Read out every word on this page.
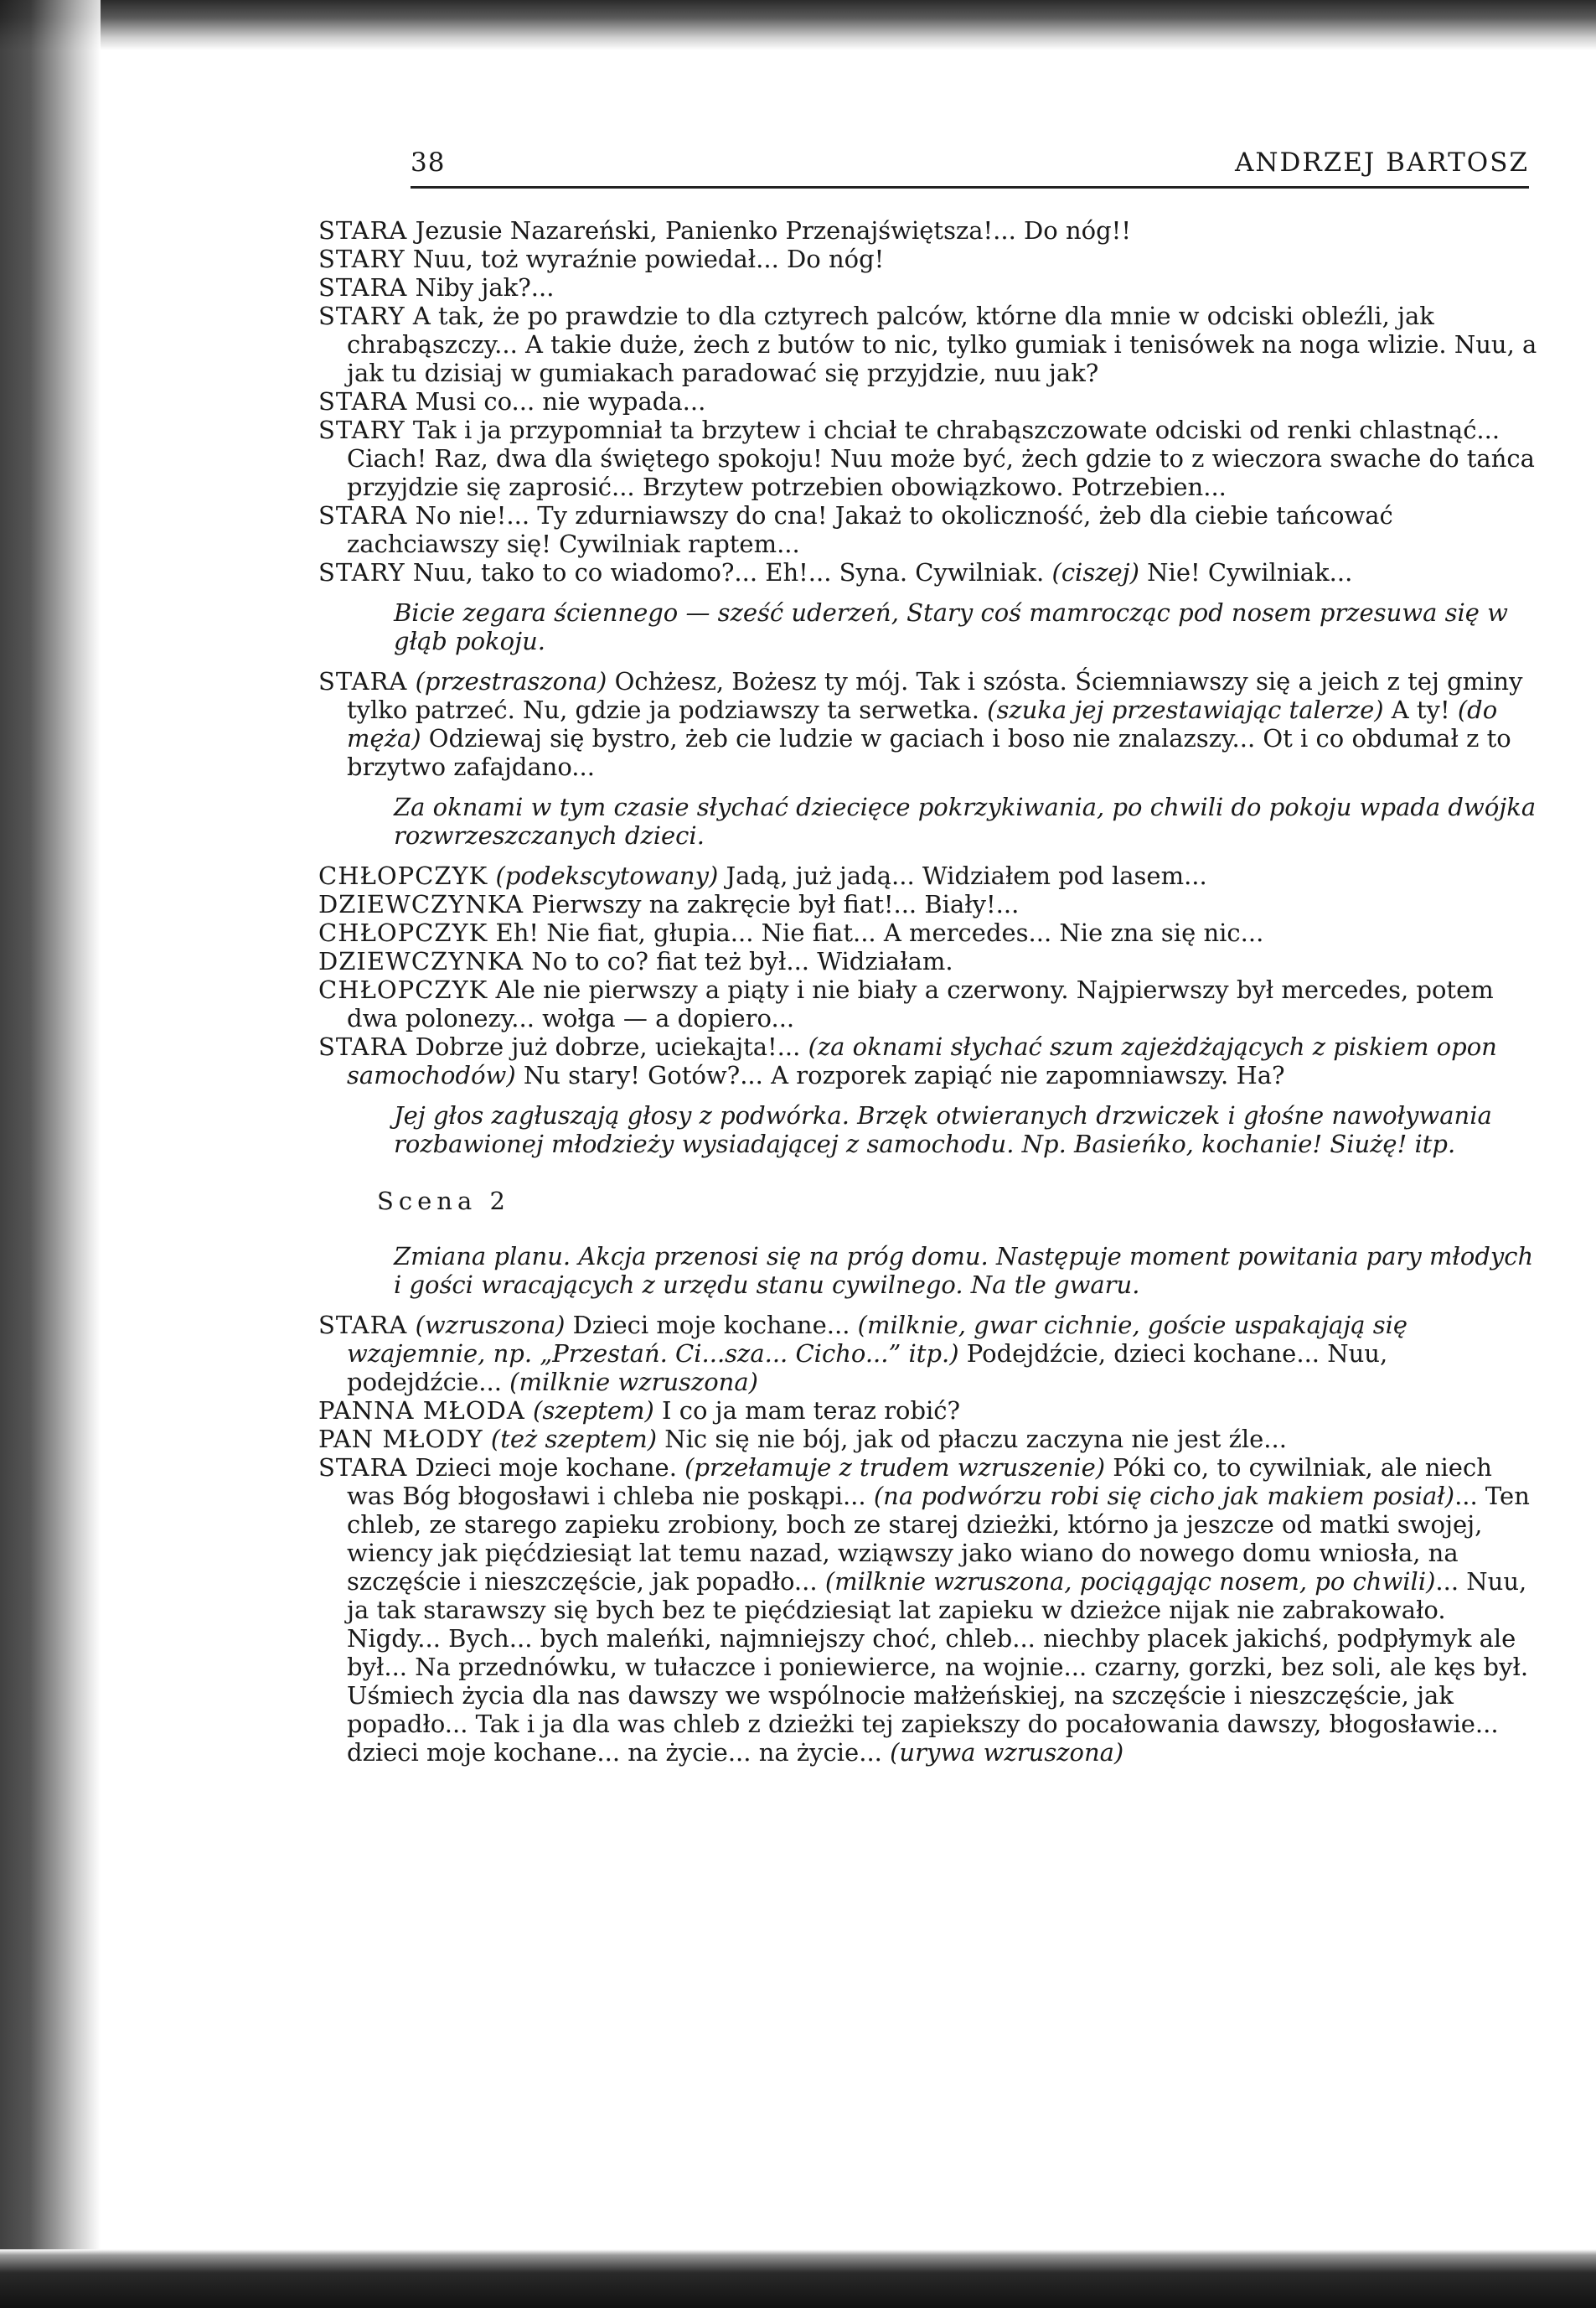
38	ANDRZEJ BARTOSZ

STARA Jezusie Nazareński, Panienko Przenajświętsza!... Do nóg!!

STARY Nuu, toż wyraźnie powiedał... Do nóg!

STARA Niby jak?...

STARY A tak, że po prawdzie to dla cztyrech palców, którne dla mnie w odciski obleźli, jak chrabąszczy... A takie duże, żech z butów to nic, tylko gumiak i tenisówek na noga wlizie. Nuu, a jak tu dzisiaj w gumiakach paradować się przyjdzie, nuu jak?

STARA Musi co... nie wypada...

STARY Tak i ja przypomniał ta brzytew i chciał te chrabąszczowate odciski od renki chlastnąć... Ciach! Raz, dwa dla świętego spokoju! Nuu może być, żech gdzie to z wieczora swache do tańca przyjdzie się zaprosić... Brzytew potrzebien obowiązkowo. Potrzebien...

STARA No nie!... Ty zdurniawszy do cna! Jakaż to okoliczność, żeb dla ciebie tańcować zachciawszy się! Cywilniak raptem...

STARY Nuu, tako to co wiadomo?... Eh!... Syna. Cywilniak. (ciszej) Nie! Cywilniak...

Bicie zegara ściennego — sześć uderzeń, Stary coś mamrocząc pod nosem przesuwa się w głąb pokoju.

STARA (przestraszona) Ochżesz, Bożesz ty mój. Tak i szósta. Ściemniawszy się a jeich z tej gminy tylko patrzeć. Nu, gdzie ja podziawszy ta serwetka. (szuka jej przestawiając talerze) A ty! (do męża) Odziewaj się bystro, żeb cie ludzie w gaciach i boso nie znalazszy... Ot i co obdumał z to brzytwo zafajdano...

Za oknami w tym czasie słychać dziecięce pokrzykiwania, po chwili do pokoju wpada dwójka rozwrzeszczanych dzieci.

CHŁOPCZYK (podekscytowany) Jadą, już jadą... Widziałem pod lasem...

DZIEWCZYNKA Pierwszy na zakręcie był fiat!... Biały!...

CHŁOPCZYK Eh! Nie fiat, głupia... Nie fiat... A mercedes... Nie zna się nic...

DZIEWCZYNKA No to co? fiat też był... Widziałam.

CHŁOPCZYK Ale nie pierwszy a piąty i nie biały a czerwony. Najpierwszy był mercedes, potem dwa polonezy... wołga — a dopiero...

STARA Dobrze już dobrze, uciekajta!... (za oknami słychać szum zajeżdżających z piskiem opon samochodów) Nu stary! Gotów?... A rozporek zapiąć nie zapomniawszy. Ha?

Jej głos zagłuszają głosy z podwórka. Brzęk otwieranych drzwiczek i głośne nawoływania rozbawionej młodzieży wysiadającej z samochodu. Np. Basieńko, kochanie! Siużę! itp.

Scena 2

Zmiana planu. Akcja przenosi się na próg domu. Następuje moment powitania pary młodych i gości wracających z urzędu stanu cywilnego. Na tle gwaru.

STARA (wzruszona) Dzieci moje kochane... (milknie, gwar cichnie, goście uspakajają się wzajemnie, np. „Przestań. Ci...sza... Cicho...” itp.) Podejdźcie, dzieci kochane... Nuu, podejdźcie... (milknie wzruszona)

PANNA MŁODA (szeptem) I co ja mam teraz robić?

PAN MŁODY (też szeptem) Nic się nie bój, jak od płaczu zaczyna nie jest źle...

STARA Dzieci moje kochane. (przełamuje z trudem wzruszenie) Póki co, to cywilniak, ale niech was Bóg błogosławi i chleba nie poskąpi... (na podwórzu robi się cicho jak makiem posiał)... Ten chleb, ze starego zapieku zrobiony, boch ze starej dzieżki, którno ja jeszcze od matki swojej, wiency jak pięćdziesiąt lat temu nazad, wziąwszy jako wiano do nowego domu wniosła, na szczęście i nieszczęście, jak popadło... (milknie wzruszona, pociągając nosem, po chwili)... Nuu, ja tak starawszy się bych bez te pięćdziesiąt lat zapieku w dzieżce nijak nie zabrakowało. Nigdy... Bych... bych maleńki, najmniejszy choć, chleb... niechby placek jakichś, podpłymyk ale był... Na przednówku, w tułaczce i poniewierce, na wojnie... czarny, gorzki, bez soli, ale kęs był. Uśmiech życia dla nas dawszy we wspólnocie małżeńskiej, na szczęście i nieszczęście, jak popadło... Tak i ja dla was chleb z dzieżki tej zapiekszy do pocałowania dawszy, błogosławie... dzieci moje kochane... na życie... na życie... (urywa wzruszona)
